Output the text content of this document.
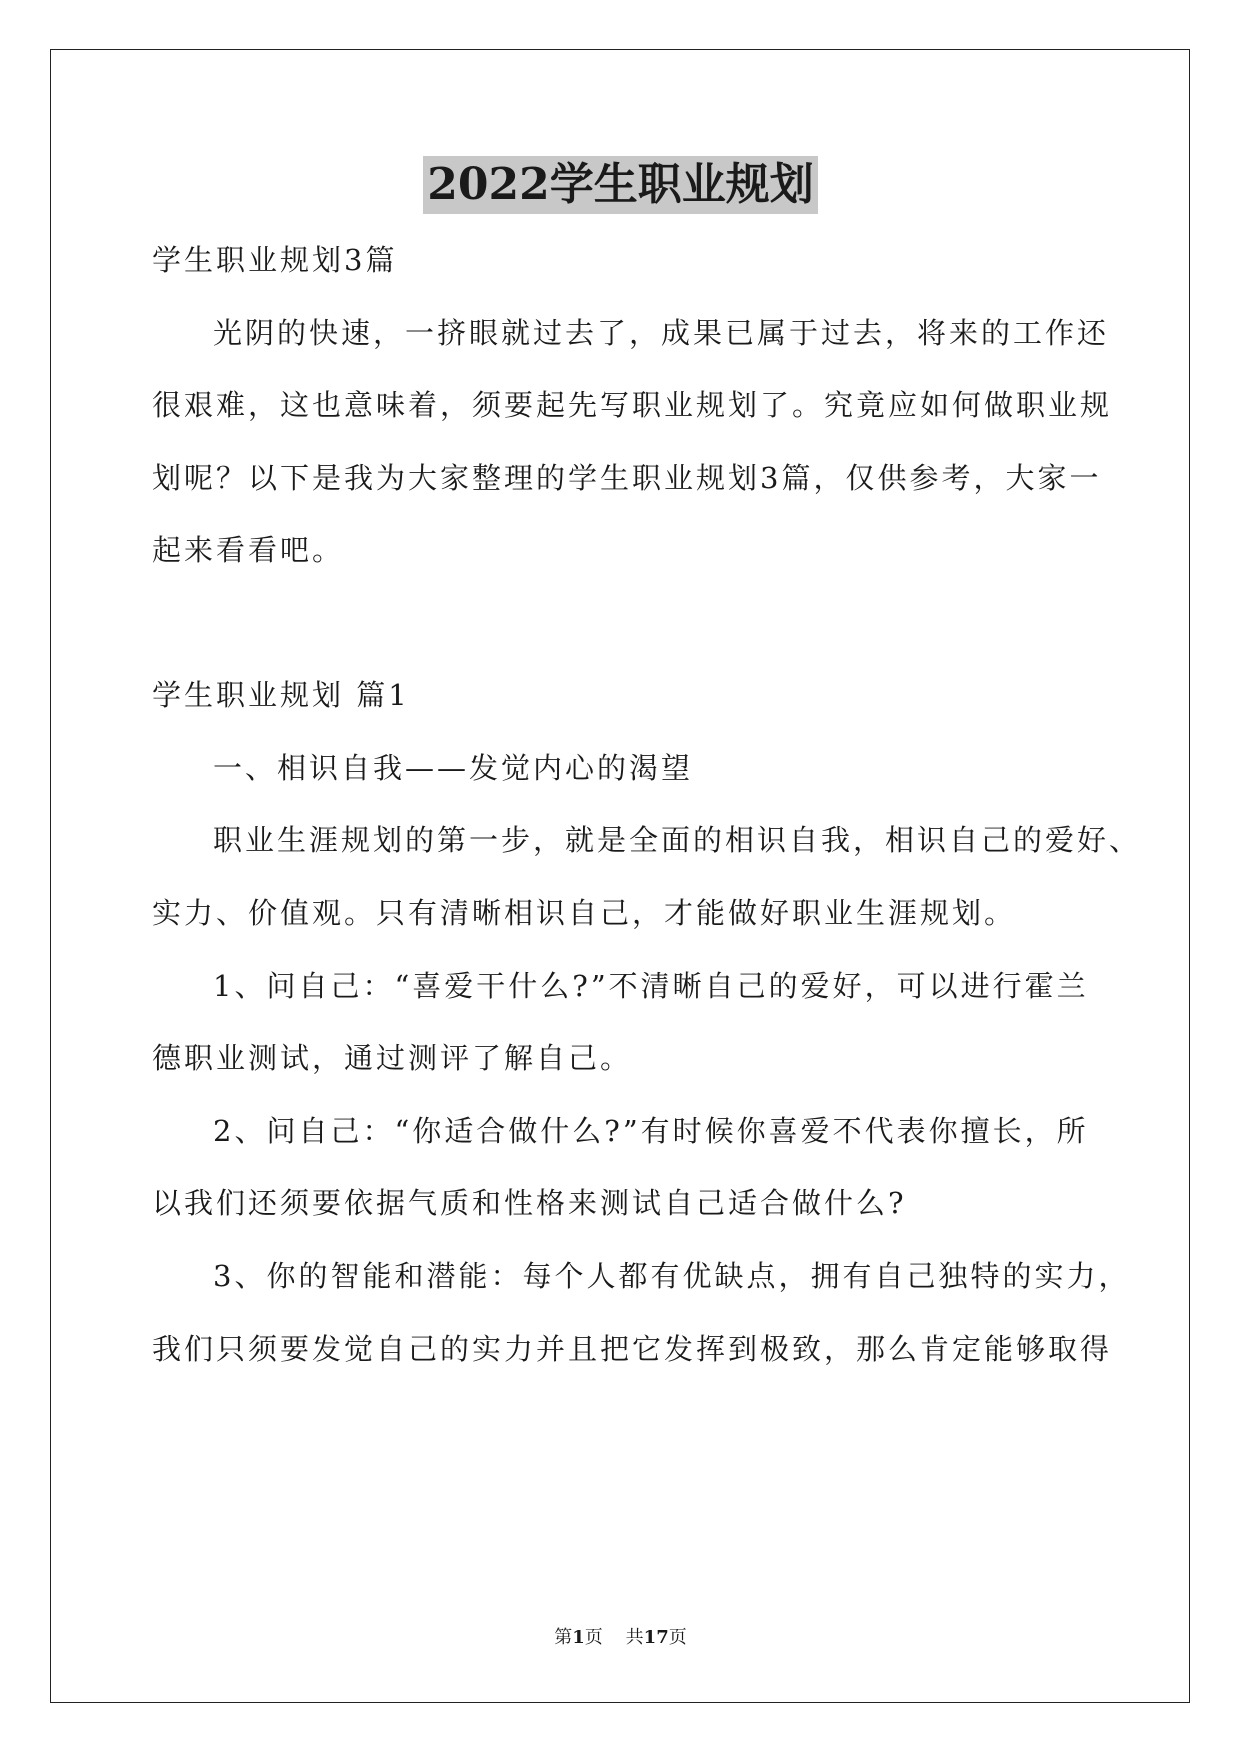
2022学生职业规划
学生职业规划3篇
光阴的快速，一挤眼就过去了，成果已属于过去，将来的工作还
很艰难，这也意味着，须要起先写职业规划了。究竟应如何做职业规
划呢？以下是我为大家整理的学生职业规划3篇，仅供参考，大家一
起来看看吧。
学生职业规划 篇1
一、相识自我——发觉内心的渴望
职业生涯规划的第一步，就是全面的相识自我，相识自己的爱好、
实力、价值观。只有清晰相识自己，才能做好职业生涯规划。
1、问自己：“喜爱干什么?”不清晰自己的爱好，可以进行霍兰
德职业测试，通过测评了解自己。
2、问自己：“你适合做什么?”有时候你喜爱不代表你擅长，所
以我们还须要依据气质和性格来测试自己适合做什么?
3、你的智能和潜能：每个人都有优缺点，拥有自己独特的实力，
我们只须要发觉自己的实力并且把它发挥到极致，那么肯定能够取得
第1页 共17页
